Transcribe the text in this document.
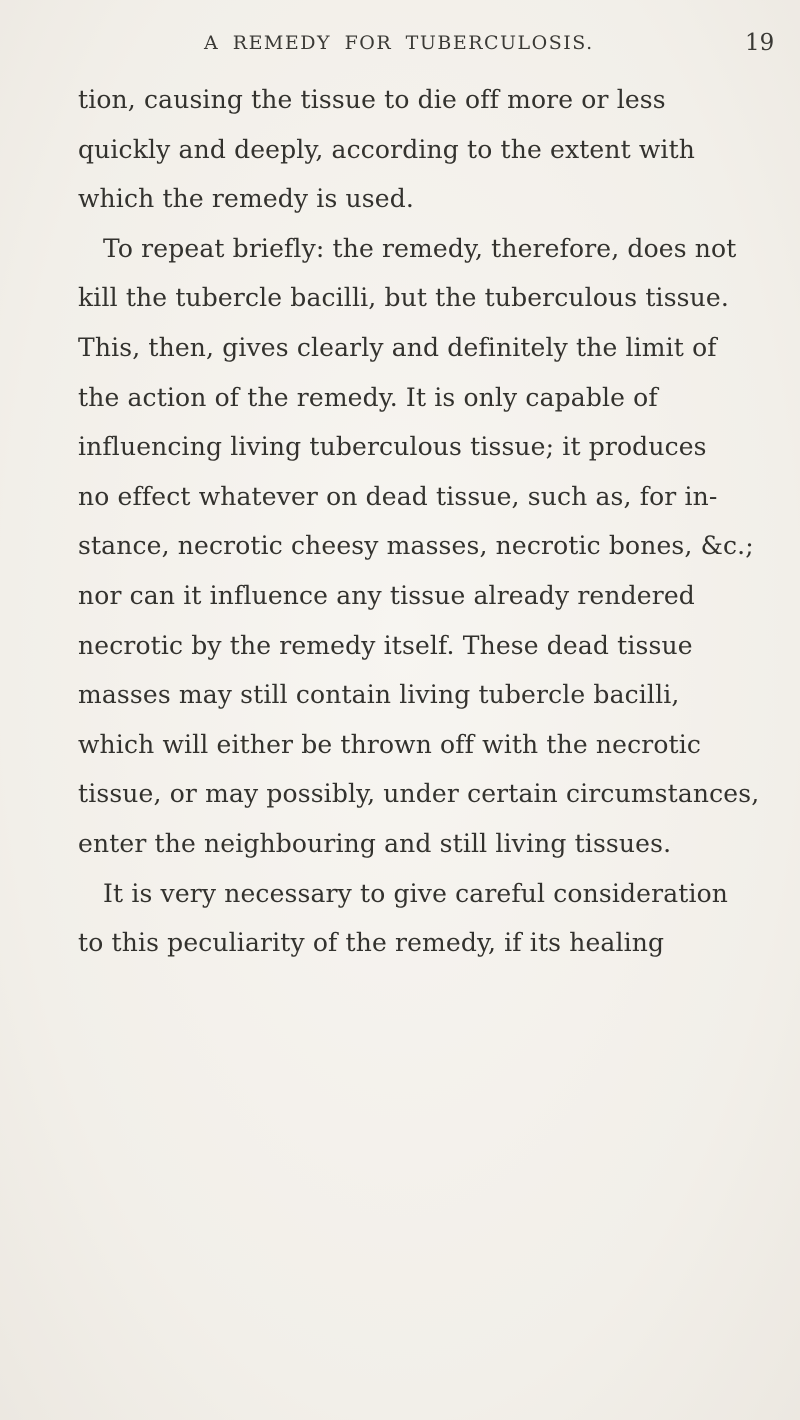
A REMEDY FOR TUBERCULOSIS.	19
tion, causing the tissue to die off more or less
quickly and deeply, according to the extent with
which the remedy is used.
To repeat briefly: the remedy, therefore, does not
kill the tubercle bacilli, but the tuberculous tissue.
This, then, gives clearly and definitely the limit of
the action of the remedy. It is only capable of
influencing living tuberculous tissue; it produces
no effect whatever on dead tissue, such as, for in-
stance, necrotic cheesy masses, necrotic bones, &c.;
nor can it influence any tissue already rendered
necrotic by the remedy itself. These dead tissue
masses may still contain living tubercle bacilli,
which will either be thrown off with the necrotic
tissue, or may possibly, under certain circumstances,
enter the neighbouring and still living tissues.
It is very necessary to give careful consideration
to this peculiarity of the remedy, if its healing
